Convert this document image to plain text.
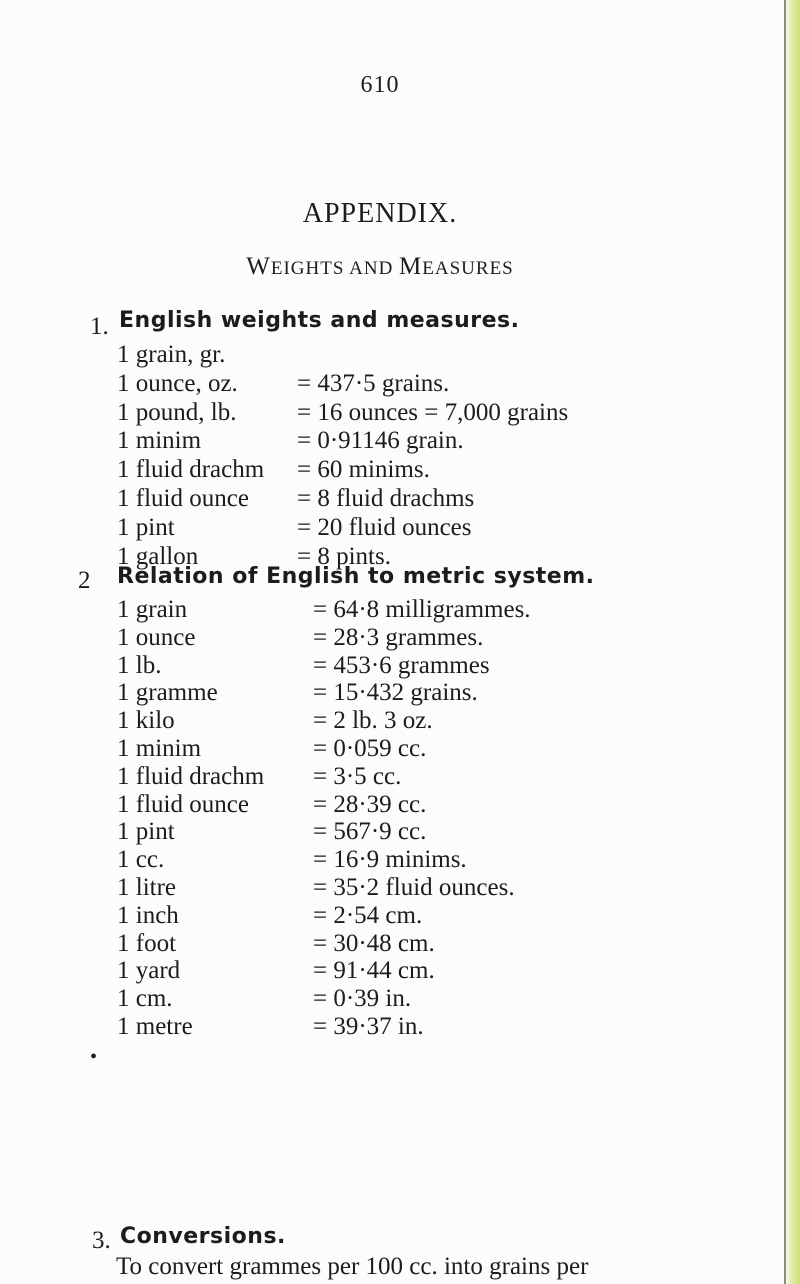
610
APPENDIX.
WEIGHTS AND MEASURES
1. English weights and measures.
1 grain, gr.
1 ounce, oz. = 437·5 grains.
1 pound, lb. = 16 ounces = 7,000 grains
1 minim	= 0·91146 grain.
1 fluid drachm = 60 minims.
1 fluid ounce = 8 fluid drachms
1 pint	= 20 fluid ounces
1 gallon	= 8 pints.
2 Relation of English to metric system.
1 grain	= 64·8 milligrammes.
1 ounce	= 28·3 grammes.
1 lb.	= 453·6 grammes
1 gramme	= 15·432 grains.
1 kilo	= 2 lb. 3 oz.
1 minim	= 0·059 cc.
1 fluid drachm = 3·5 cc.
1 fluid ounce	= 28·39 cc.
1 pint	= 567·9 cc.
1 cc.	= 16·9 minims.
1 litre	= 35·2 fluid ounces.
1 inch	= 2·54 cm.
1 foot	= 30·48 cm.
1 yard	= 91·44 cm.
1 cm.	= 0·39 in.
1 metre	= 39·37 in.
•
3. Conversions.
To convert grammes per 100 cc. into grains per
